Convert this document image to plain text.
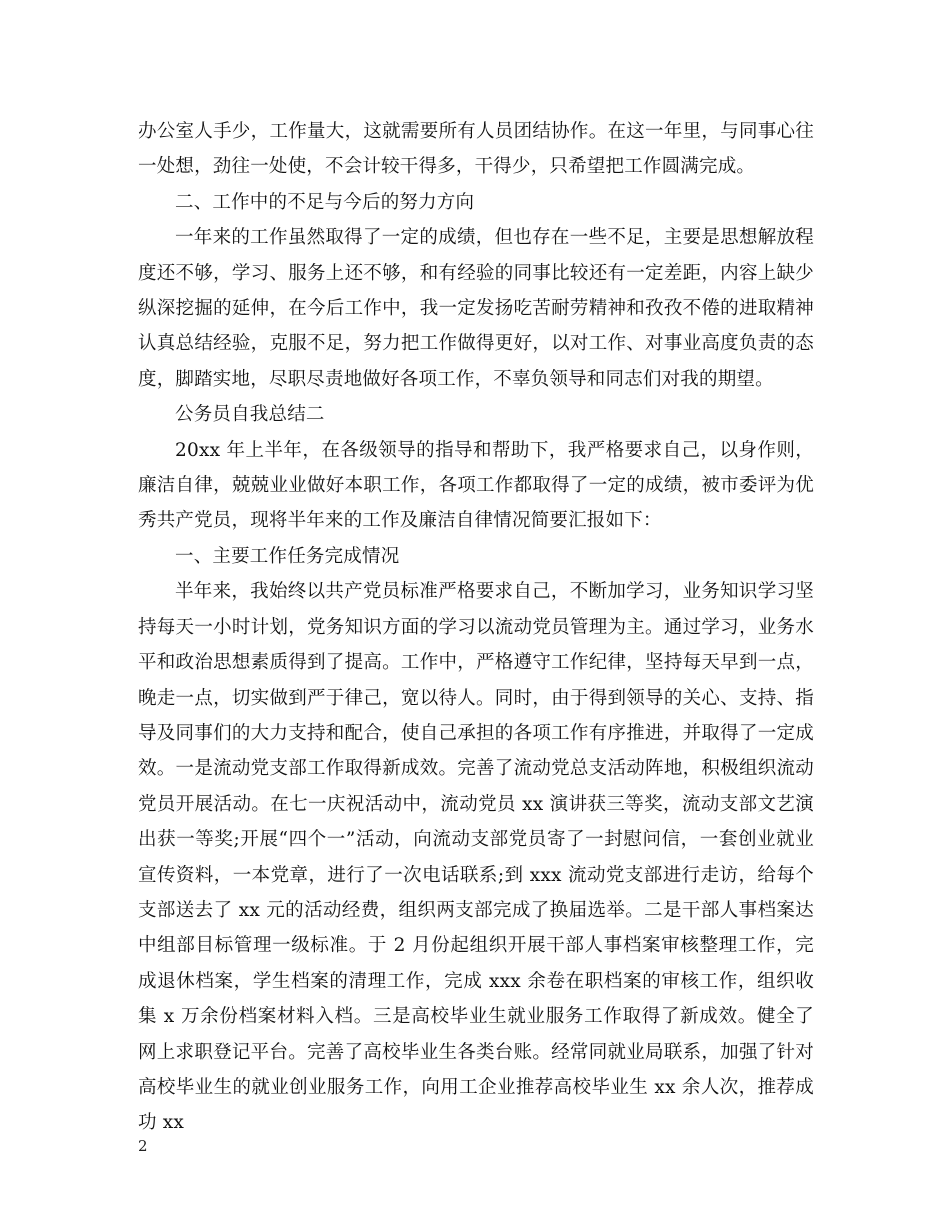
办公室人手少，工作量大，这就需要所有人员团结协作。在这一年里，与同事心往一处想，劲往一处使，不会计较干得多，干得少，只希望把工作圆满完成。

二、工作中的不足与今后的努力方向

一年来的工作虽然取得了一定的成绩，但也存在一些不足，主要是思想解放程度还不够，学习、服务上还不够，和有经验的同事比较还有一定差距，内容上缺少纵深挖掘的延伸，在今后工作中，我一定发扬吃苦耐劳精神和孜孜不倦的进取精神认真总结经验，克服不足，努力把工作做得更好，以对工作、对事业高度负责的态度，脚踏实地，尽职尽责地做好各项工作，不辜负领导和同志们对我的期望。

公务员自我总结二

20xx 年上半年，在各级领导的指导和帮助下，我严格要求自己，以身作则，廉洁自律，兢兢业业做好本职工作，各项工作都取得了一定的成绩，被市委评为优秀共产党员，现将半年来的工作及廉洁自律情况简要汇报如下：

一、主要工作任务完成情况

半年来，我始终以共产党员标准严格要求自己，不断加学习，业务知识学习坚持每天一小时计划，党务知识方面的学习以流动党员管理为主。通过学习，业务水平和政治思想素质得到了提高。工作中，严格遵守工作纪律，坚持每天早到一点，晚走一点，切实做到严于律己，宽以待人。同时，由于得到领导的关心、支持、指导及同事们的大力支持和配合，使自己承担的各项工作有序推进，并取得了一定成效。一是流动党支部工作取得新成效。完善了流动党总支活动阵地，积极组织流动党员开展活动。在七一庆祝活动中，流动党员 xx 演讲获三等奖，流动支部文艺演出获一等奖;开展“四个一”活动，向流动支部党员寄了一封慰问信，一套创业就业宣传资料，一本党章，进行了一次电话联系;到 xxx 流动党支部进行走访，给每个支部送去了 xx 元的活动经费，组织两支部完成了换届选举。二是干部人事档案达中组部目标管理一级标准。于 2 月份起组织开展干部人事档案审核整理工作，完成退休档案，学生档案的清理工作，完成 xxx 余卷在职档案的审核工作，组织收集 x 万余份档案材料入档。三是高校毕业生就业服务工作取得了新成效。健全了网上求职登记平台。完善了高校毕业生各类台账。经常同就业局联系，加强了针对高校毕业生的就业创业服务工作，向用工企业推荐高校毕业生 xx 余人次，推荐成功 xx

2
